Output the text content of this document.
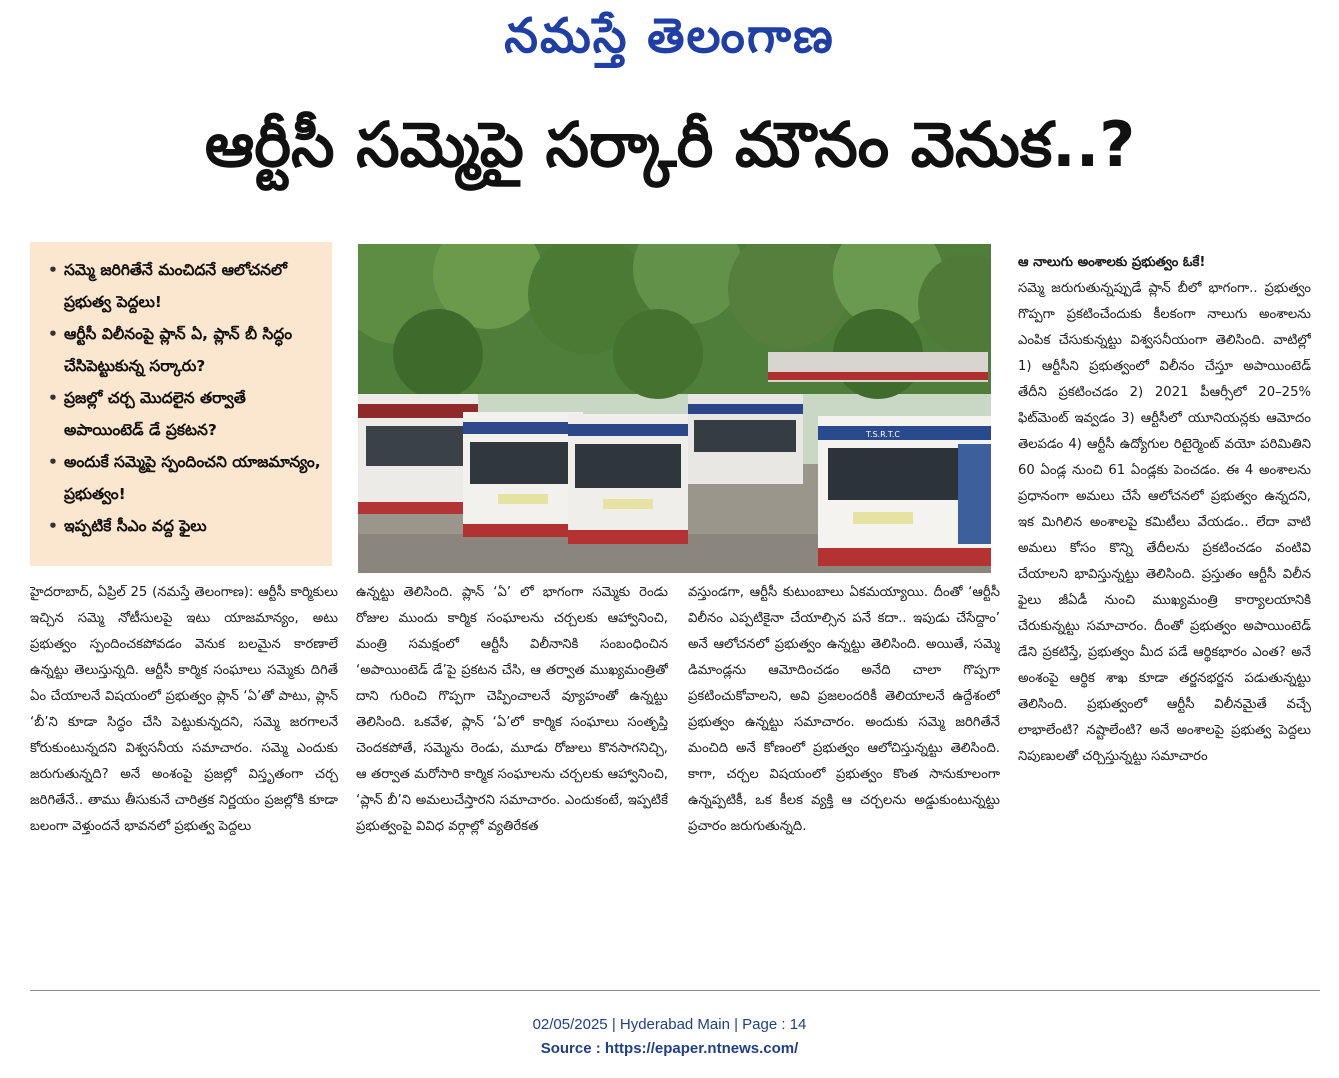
నమస్తే తెలంగాణ
ఆర్టీసీ సమ్మెపై సర్కారీ మౌనం వెనుక..?
• సమ్మె జరిగితేనే మంచిదనే ఆలోచనలో ప్రభుత్వ పెద్దలు!
• ఆర్టీసీ విలీనంపై ప్లాన్ ఏ, ప్లాన్ బీ సిద్ధం చేసిపెట్టుకున్న సర్కారు?
• ప్రజల్లో చర్చ మొదలైన తర్వాతే అపాయింటెడ్ డే ప్రకటన?
• అందుకే సమ్మెపై స్పందించని యాజమాన్యం, ప్రభుత్వం!
• ఇప్పటికే సీఎం వద్ద ఫైలు
T.S.R.T.C

హైదరాబాద్, ఏప్రిల్ 25 (నమస్తే తెలంగాణ): ఆర్టీసీ కార్మికులు ఇచ్చిన సమ్మె నోటీసులపై ఇటు యాజమాన్యం, అటు ప్రభుత్వం స్పందించకపోవడం వెనుక బలమైన కారణాలే ఉన్నట్టు తెలుస్తున్నది. ఆర్టీసీ కార్మిక సంఘాలు సమ్మెకు దిగితే ఏం చేయాలనే విషయంలో ప్రభుత్వం ప్లాన్ ‘ఏ’తో పాటు, ప్లాన్ ‘బీ’ని కూడా సిద్ధం చేసి పెట్టుకున్నదని, సమ్మె జరగాలనే కోరుకుంటున్నదని విశ్వసనీయ సమాచారం. సమ్మె ఎందుకు జరుగుతున్నది? అనే అంశంపై ప్రజల్లో విస్తృతంగా చర్చ జరిగితేనే.. తాము తీసుకునే చారిత్రక నిర్ణయం ప్రజల్లోకి కూడా బలంగా వెళ్తుందనే భావనలో ప్రభుత్వ పెద్దలు

ఉన్నట్టు తెలిసింది. ప్లాన్ ‘ఏ’ లో భాగంగా సమ్మెకు రెండు రోజుల ముందు కార్మిక సంఘాలను చర్చలకు ఆహ్వానించి, మంత్రి సమక్షంలో ఆర్టీసీ విలీనానికి సంబంధించిన ‘అపాయింటెడ్ డే’పై ప్రకటన చేసి, ఆ తర్వాత ముఖ్యమంత్రితో దాని గురించి గొప్పగా చెప్పించాలనే వ్యూహంతో ఉన్నట్టు తెలిసింది. ఒకవేళ, ప్లాన్ ‘ఏ’లో కార్మిక సంఘాలు సంతృప్తి చెందకపోతే, సమ్మెను రెండు, మూడు రోజులు కొనసాగనిచ్చి, ఆ తర్వాత మరోసారి కార్మిక సంఘాలను చర్చలకు ఆహ్వానించి, ‘ప్లాన్ బీ’ని అమలుచేస్తారని సమాచారం. ఎందుకంటే, ఇప్పటికే ప్రభుత్వంపై వివిధ వర్గాల్లో వ్యతిరేకత

వస్తుండగా, ఆర్టీసీ కుటుంబాలు ఏకమయ్యాయి. దీంతో ‘ఆర్టీసీ విలీనం ఎప్పటికైనా చేయాల్సిన పనే కదా.. ఇపుడు చేసేద్దాం’ అనే ఆలోచనలో ప్రభుత్వం ఉన్నట్టు తెలిసింది. అయితే, సమ్మె డిమాండ్లను ఆమోదించడం అనేది చాలా గొప్పగా ప్రకటించుకోవాలని, అవి ప్రజలందరికీ తెలియాలనే ఉద్దేశంలో ప్రభుత్వం ఉన్నట్టు సమాచారం. అందుకు సమ్మె జరిగితేనే మంచిది అనే కోణంలో ప్రభుత్వం ఆలోచిస్తున్నట్టు తెలిసింది. కాగా, చర్చల విషయంలో ప్రభుత్వం కొంత సానుకూలంగా ఉన్నప్పటికీ, ఒక కీలక వ్యక్తి ఆ చర్చలను అడ్డుకుంటున్నట్టు ప్రచారం జరుగుతున్నది.

ఆ నాలుగు అంశాలకు ప్రభుత్వం ఓకే!

సమ్మె జరుగుతున్నప్పుడే ప్లాన్ బీలో భాగంగా.. ప్రభుత్వం గొప్పగా ప్రకటించేందుకు కీలకంగా నాలుగు అంశాలను ఎంపిక చేసుకున్నట్టు విశ్వసనీయంగా తెలిసింది. వాటిల్లో 1) ఆర్టీసీని ప్రభుత్వంలో విలీనం చేస్తూ అపాయింటెడ్ తేదీని ప్రకటించడం 2) 2021 పీఆర్సీలో 20–25% ఫిట్‌మెంట్ ఇవ్వడం 3) ఆర్టీసీలో యూనియన్లకు ఆమోదం తెలపడం 4) ఆర్టీసీ ఉద్యోగుల రిటైర్మెంట్ వయో పరిమితిని 60 ఏండ్ల నుంచి 61 ఏండ్లకు పెంచడం. ఈ 4 అంశాలను ప్రధానంగా అమలు చేసే ఆలోచనలో ప్రభుత్వం ఉన్నదని, ఇక మిగిలిన అంశాలపై కమిటీలు వేయడం.. లేదా వాటి అమలు కోసం కొన్ని తేదీలను ప్రకటించడం వంటివి చేయాలని భావిస్తున్నట్టు తెలిసింది. ప్రస్తుతం ఆర్టీసీ విలీన ఫైలు జీఏడీ నుంచి ముఖ్యమంత్రి కార్యాలయానికి చేరుకున్నట్టు సమాచారం. దీంతో ప్రభుత్వం అపాయింటెడ్ డేని ప్రకటిస్తే, ప్రభుత్వం మీద పడే ఆర్థికభారం ఎంత? అనే అంశంపై ఆర్థిక శాఖ కూడా తర్జనభర్జన పడుతున్నట్టు తెలిసింది. ప్రభుత్వంలో ఆర్టీసీ విలీనమైతే వచ్చే లాభాలేంటి? నష్టాలేంటి? అనే అంశాలపై ప్రభుత్వ పెద్దలు నిపుణులతో చర్చిస్తున్నట్టు సమాచారం

02/05/2025 | Hyderabad Main | Page : 14
Source : https://epaper.ntnews.com/
